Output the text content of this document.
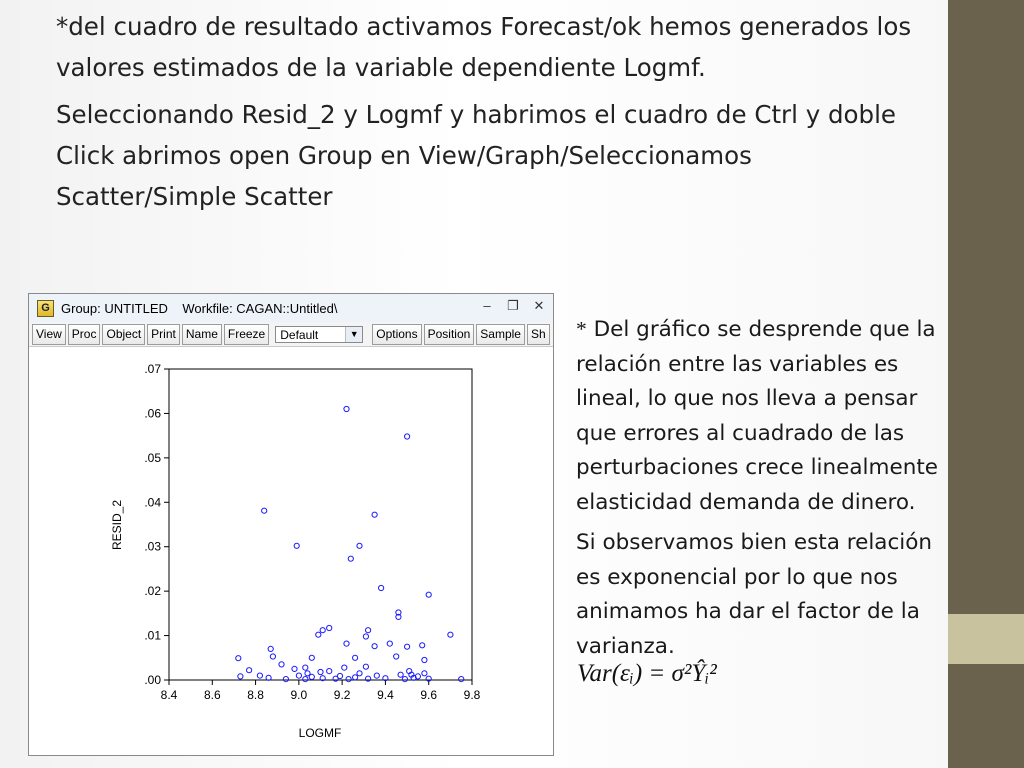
*del cuadro de resultado activamos Forecast/ok hemos generados los valores estimados de la variable dependiente Logmf.

Seleccionando Resid_2 y Logmf y habrimos el cuadro de Ctrl y doble Click abrimos open Group en View/Graph/Seleccionamos Scatter/Simple Scatter

G Group: UNTITLED    Workfile: CAGAN::Untitled\	–	❐ ✕
View Proc Object Print Name Freeze	Default	▼	Options Position Sample Sh
RESID_2
LOGMF
8.4 8.6 8.8 9.0 9.2 9.4 9.6 9.8
.00
.01
.02
.03
.04
.05
.06
.07

* Del gráfico se desprende que la relación entre las variables es lineal, lo que nos lleva a pensar que errores al cuadrado de las perturbaciones crece linealmente elasticidad demanda de dinero.

Si observamos bien esta relación es exponencial por lo que nos animamos ha dar el factor de la varianza.

Var(εᵢ) = σ²Ŷᵢ²
